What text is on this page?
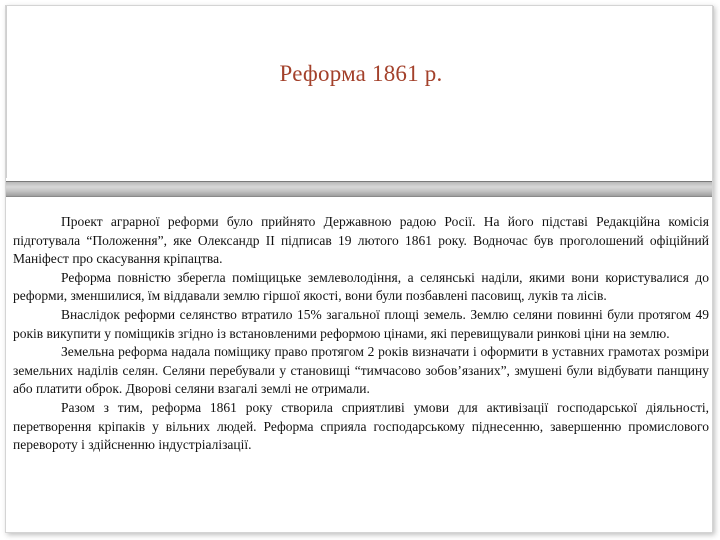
Реформа 1861 р.

Проект аграрної реформи було прийнято Державною радою Росії. На його підставі Редакційна комісія підготувала “Положення”, яке Олександр II підписав 19 лютого 1861 року. Водночас був проголошений офіційний Маніфест про скасування кріпацтва.

Реформа повністю зберегла поміщицьке землеволодіння, а селянські наділи, якими вони користувалися до реформи, зменшилися, їм віддавали землю гіршої якості, вони були позбавлені пасовищ, луків та лісів.

Внаслідок реформи селянство втратило 15% загальної площі земель. Землю селяни повинні були протягом 49 років викупити у поміщиків згідно із встановленими реформою цінами, які перевищували ринкові ціни на землю.

Земельна реформа надала поміщику право протягом 2 років визначати і оформити в уставних грамотах розміри земельних наділів селян. Селяни перебували у становищі “тимчасово зобов’язаних”, змушені були відбувати панщину або платити оброк. Дворові селяни взагалі землі не отримали.

Разом з тим, реформа 1861 року створила сприятливі умови для активізації господарської діяльності, перетворення кріпаків у вільних людей. Реформа сприяла господарському піднесенню, завершенню промислового перевороту і здійсненню індустріалізації.
